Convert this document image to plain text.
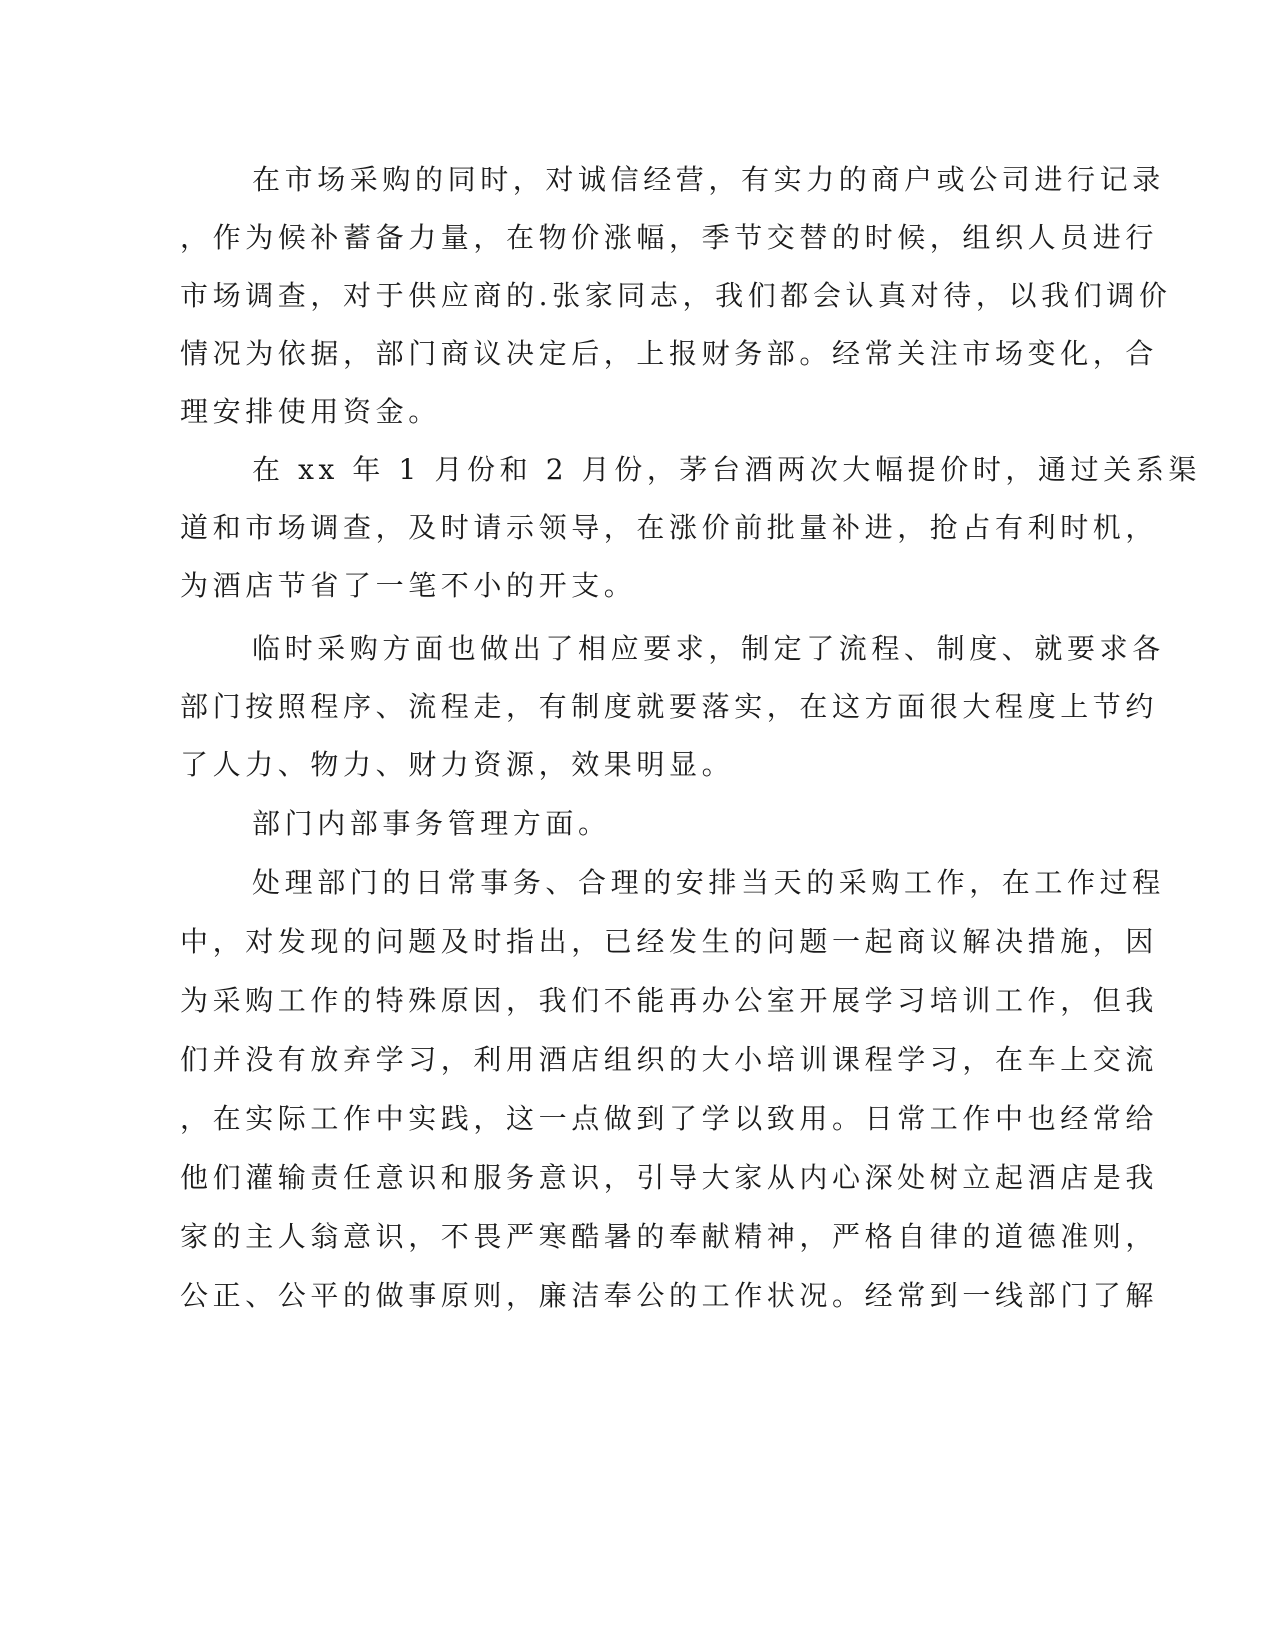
在市场采购的同时，对诚信经营，有实力的商户或公司进行记录
，作为候补蓄备力量，在物价涨幅，季节交替的时候，组织人员进行
市场调查，对于供应商的.张家同志，我们都会认真对待，以我们调价
情况为依据，部门商议决定后，上报财务部。经常关注市场变化，合
理安排使用资金。
在 xx 年 1 月份和 2 月份，茅台酒两次大幅提价时，通过关系渠
道和市场调查，及时请示领导，在涨价前批量补进，抢占有利时机，
为酒店节省了一笔不小的开支。
临时采购方面也做出了相应要求，制定了流程、制度、就要求各
部门按照程序、流程走，有制度就要落实，在这方面很大程度上节约
了人力、物力、财力资源，效果明显。
部门内部事务管理方面。
处理部门的日常事务、合理的安排当天的采购工作，在工作过程
中，对发现的问题及时指出，已经发生的问题一起商议解决措施，因
为采购工作的特殊原因，我们不能再办公室开展学习培训工作，但我
们并没有放弃学习，利用酒店组织的大小培训课程学习，在车上交流
，在实际工作中实践，这一点做到了学以致用。日常工作中也经常给
他们灌输责任意识和服务意识，引导大家从内心深处树立起酒店是我
家的主人翁意识，不畏严寒酷暑的奉献精神，严格自律的道德准则，
公正、公平的做事原则，廉洁奉公的工作状况。经常到一线部门了解
